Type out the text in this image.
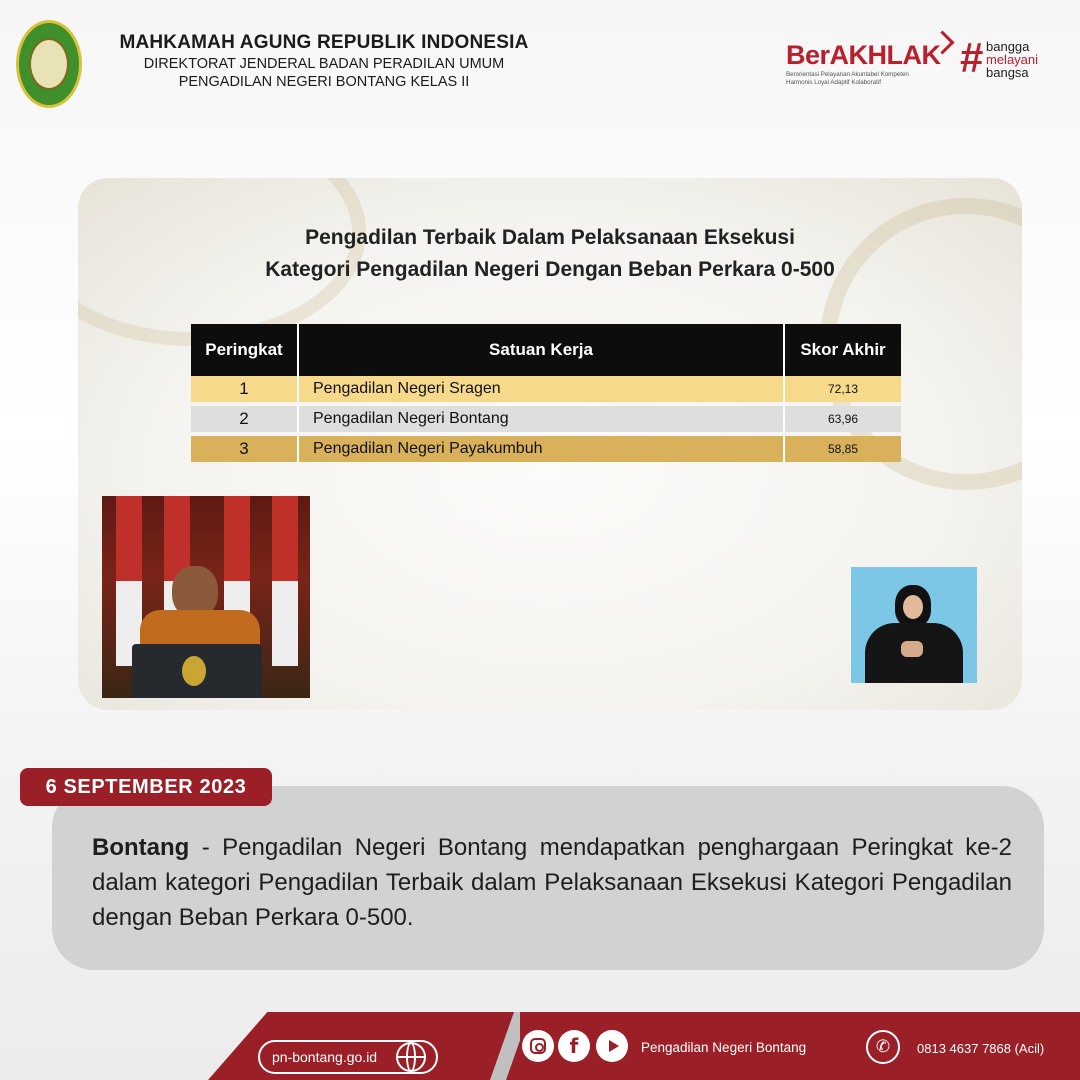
MAHKAMAH AGUNG REPUBLIK INDONESIA
DIREKTORAT JENDERAL BADAN PERADILAN UMUM
PENGADILAN NEGERI BONTANG KELAS II
BerAKHLAK
Berorientasi Pelayanan Akuntabel Kompeten
Harmonis Loyal Adaptif Kolaboratif
# bangga
melayani
bangsa
Pengadilan Terbaik Dalam Pelaksanaan Eksekusi
Kategori Pengadilan Negeri Dengan Beban Perkara 0-500
Peringkat	Satuan Kerja	Skor Akhir
1	Pengadilan Negeri Sragen	72,13

2	Pengadilan Negeri Bontang	63,96

3	Pengadilan Negeri Payakumbuh	58,85

Bontang - Pengadilan Negeri Bontang mendapatkan penghargaan Peringkat ke-2 dalam kategori Pengadilan Terbaik dalam Pelaksanaan Eksekusi Kategori Pengadilan dengan Beban Perkara 0-500.

6 SEPTEMBER 2023
pn-bontang.go.id	f	Pengadilan Negeri Bontang	✆	0813 4637 7868 (Acil)
